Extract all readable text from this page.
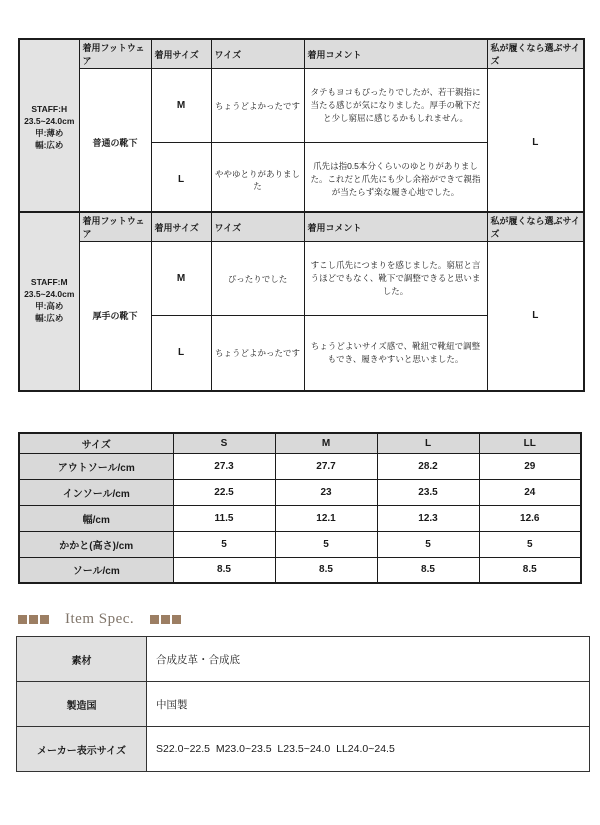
STAFF:H
23.5~24.0cm
甲:薄め
幅:広め	着用フットウェア	着用サイズ	ワイズ	着用コメント	私が履くなら選ぶサイズ
	普通の靴下	M	ちょうどよかったです	タテもヨコもぴったりでしたが、若干親指に当たる感じが気になりました。厚手の靴下だと少し窮屈に感じるかもしれません。	L
		L	ややゆとりがありました	爪先は指0.5本分くらいのゆとりがありました。これだと爪先にも少し余裕ができて親指が当たらず楽な履き心地でした。	
STAFF:M
23.5~24.0cm
甲:高め
幅:広め	着用フットウェア	着用サイズ	ワイズ	着用コメント	私が履くなら選ぶサイズ
	厚手の靴下	M	ぴったりでした	すこし爪先につまりを感じました。窮屈と言うほどでもなく、靴下で調整できると思いました。	L
		L	ちょうどよかったです	ちょうどよいサイズ感で、靴紐で靴紐で調整もでき、履きやすいと思いました。	
サイズ	S	M	L	LL
アウトソール/cm	27.3	27.7	28.2	29
インソール/cm	22.5	23	23.5	24
幅/cm	11.5	12.1	12.3	12.6
かかと(高さ)/cm	5	5	5	5
ソール/cm	8.5	8.5	8.5	8.5
Item Spec.
素材	合成皮革・合成底
製造国	中国製
メーカー表示サイズ	S22.0~22.5  M23.0~23.5  L23.5~24.0  LL24.0~24.5
